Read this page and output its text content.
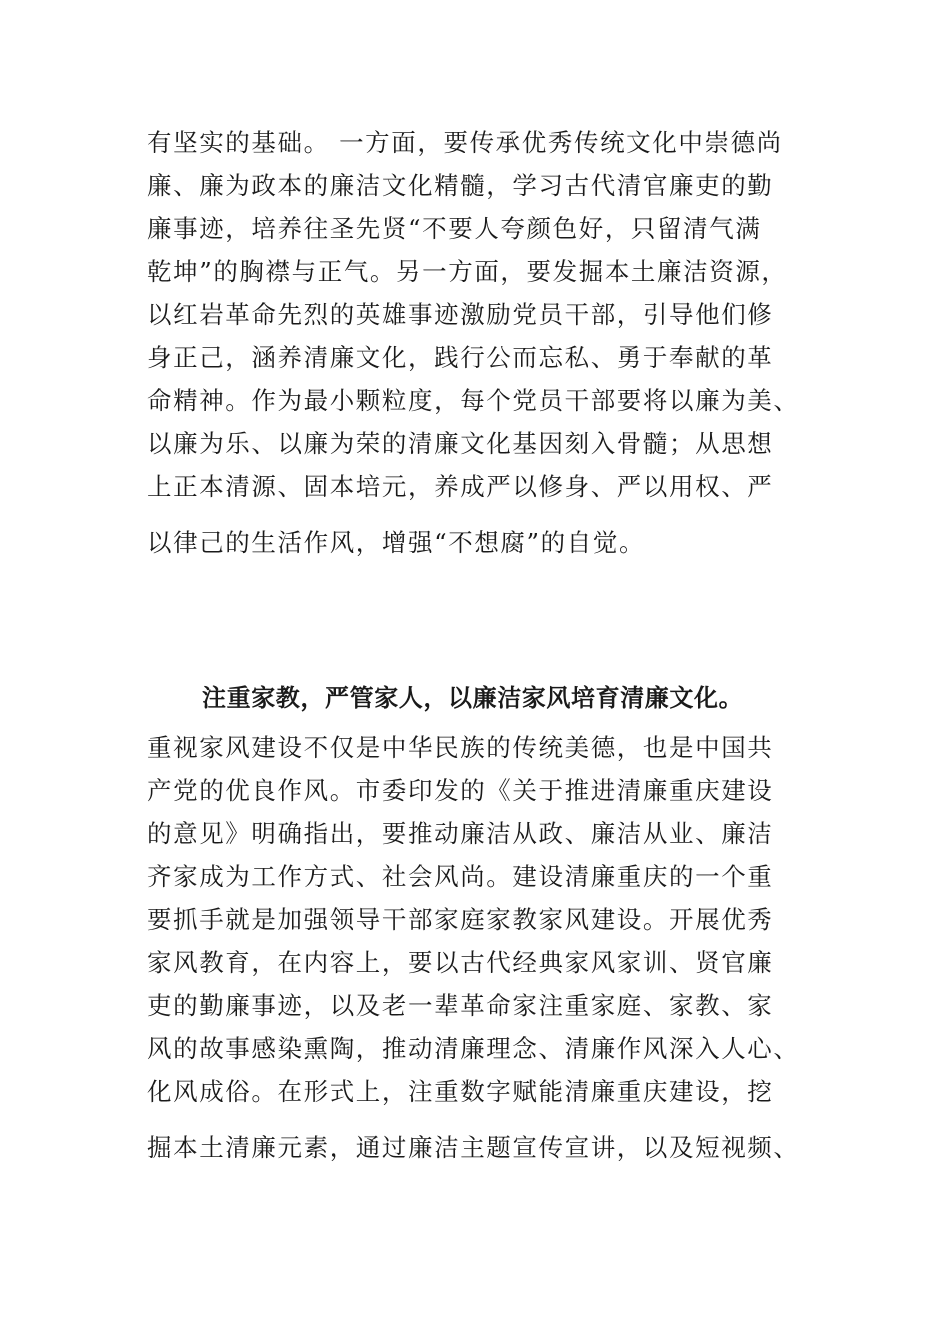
有坚实的基础。 一方面，要传承优秀传统文化中崇德尚
廉、廉为政本的廉洁文化精髓，学习古代清官廉吏的勤
廉事迹，培养往圣先贤“不要人夸颜色好，只留清气满
乾坤”的胸襟与正气。另一方面，要发掘本土廉洁资源，
以红岩革命先烈的英雄事迹激励党员干部，引导他们修
身正己，涵养清廉文化，践行公而忘私、勇于奉献的革
命精神。作为最小颗粒度，每个党员干部要将以廉为美、
以廉为乐、以廉为荣的清廉文化基因刻入骨髓；从思想
上正本清源、固本培元，养成严以修身、严以用权、严
以律己的生活作风，增强“不想腐”的自觉。
注重家教，严管家人，以廉洁家风培育清廉文化。
重视家风建设不仅是中华民族的传统美德，也是中国共
产党的优良作风。市委印发的《关于推进清廉重庆建设
的意见》明确指出，要推动廉洁从政、廉洁从业、廉洁
齐家成为工作方式、社会风尚。建设清廉重庆的一个重
要抓手就是加强领导干部家庭家教家风建设。开展优秀
家风教育，在内容上，要以古代经典家风家训、贤官廉
吏的勤廉事迹，以及老一辈革命家注重家庭、家教、家
风的故事感染熏陶，推动清廉理念、清廉作风深入人心、
化风成俗。在形式上，注重数字赋能清廉重庆建设，挖
掘本土清廉元素，通过廉洁主题宣传宣讲，以及短视频、
